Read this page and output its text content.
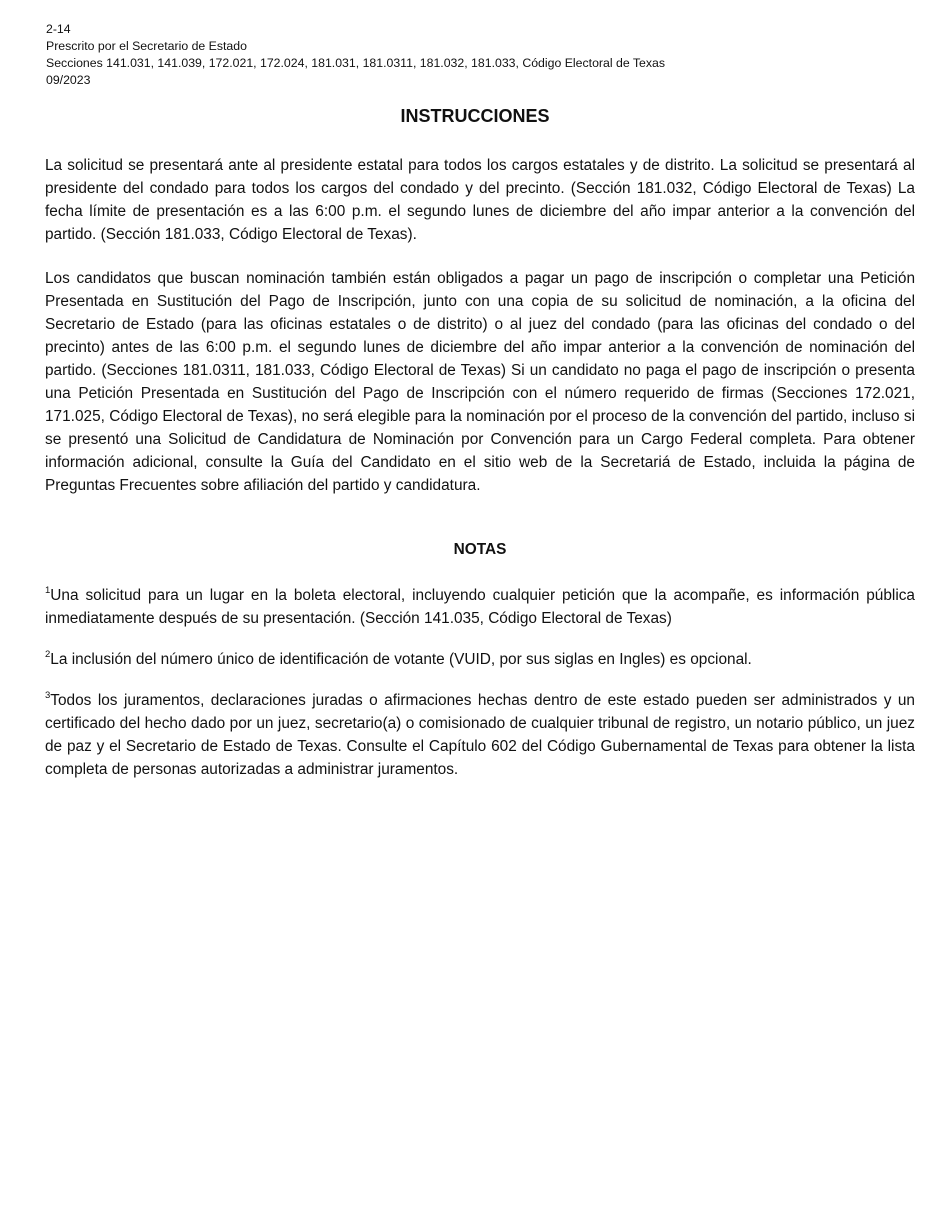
2-14
Prescrito por el Secretario de Estado
Secciones 141.031, 141.039, 172.021, 172.024, 181.031, 181.0311, 181.032, 181.033, Código Electoral de Texas
09/2023
INSTRUCCIONES

La solicitud se presentará ante al presidente estatal para todos los cargos estatales y de distrito. La solicitud se presentará al presidente del condado para todos los cargos del condado y del precinto. (Sección 181.032, Código Electoral de Texas) La fecha límite de presentación es a las 6:00 p.m. el segundo lunes de diciembre del año impar anterior a la convención del partido. (Sección 181.033, Código Electoral de Texas).

Los candidatos que buscan nominación también están obligados a pagar un pago de inscripción o completar una Petición Presentada en Sustitución del Pago de Inscripción, junto con una copia de su solicitud de nominación, a la oficina del Secretario de Estado (para las oficinas estatales o de distrito) o al juez del condado (para las oficinas del condado o del precinto) antes de las 6:00 p.m. el segundo lunes de diciembre del año impar anterior a la convención de nominación del partido. (Secciones 181.0311, 181.033, Código Electoral de Texas) Si un candidato no paga el pago de inscripción o presenta una Petición Presentada en Sustitución del Pago de Inscripción con el número requerido de firmas (Secciones 172.021, 171.025, Código Electoral de Texas), no será elegible para la nominación por el proceso de la convención del partido, incluso si se presentó una Solicitud de Candidatura de Nominación por Convención para un Cargo Federal completa. Para obtener información adicional, consulte la Guía del Candidato en el sitio web de la Secretariá de Estado, incluida la página de Preguntas Frecuentes sobre afiliación del partido y candidatura.

NOTAS

$^1$Una solicitud para un lugar en la boleta electoral, incluyendo cualquier petición que la acompañe, es información pública inmediatamente después de su presentación. (Sección 141.035, Código Electoral de Texas)

$^2$La inclusión del número único de identificación de votante (VUID, por sus siglas en Ingles) es opcional.

$^3$Todos los juramentos, declaraciones juradas o afirmaciones hechas dentro de este estado pueden ser administrados y un certificado del hecho dado por un juez, secretario(a) o comisionado de cualquier tribunal de registro, un notario público, un juez de paz y el Secretario de Estado de Texas. Consulte el Capítulo 602 del Código Gubernamental de Texas para obtener la lista completa de personas autorizadas a administrar juramentos.
